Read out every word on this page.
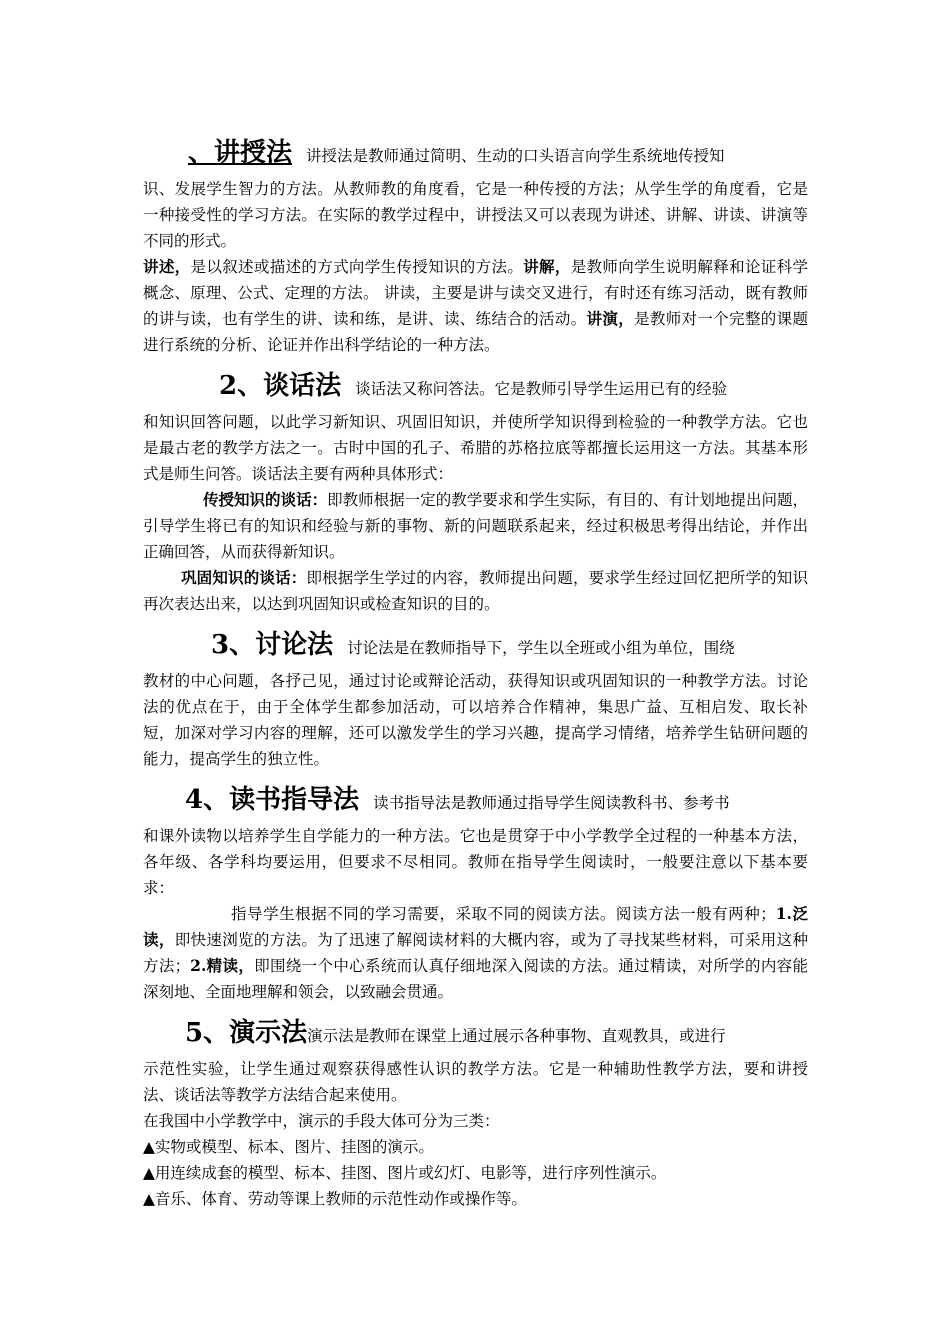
、讲授法 讲授法是教师通过简明、生动的口头语言向学生系统地传授知

识、发展学生智力的方法。从教师教的角度看，它是一种传授的方法；从学生学的角度看，它是一种接受性的学习方法。在实际的教学过程中，讲授法又可以表现为讲述、讲解、讲读、讲演等不同的形式。

讲述，是以叙述或描述的方式向学生传授知识的方法。讲解，是教师向学生说明解释和论证科学概念、原理、公式、定理的方法。 讲读，主要是讲与读交叉进行，有时还有练习活动，既有教师的讲与读，也有学生的讲、读和练，是讲、读、练结合的活动。讲演，是教师对一个完整的课题进行系统的分析、论证并作出科学结论的一种方法。

2、谈话法 谈话法又称问答法。它是教师引导学生运用已有的经验

和知识回答问题，以此学习新知识、巩固旧知识，并使所学知识得到检验的一种教学方法。它也是最古老的教学方法之一。古时中国的孔子、希腊的苏格拉底等都擅长运用这一方法。其基本形式是师生问答。谈话法主要有两种具体形式：

传授知识的谈话：即教师根据一定的教学要求和学生实际，有目的、有计划地提出问题，引导学生将已有的知识和经验与新的事物、新的问题联系起来，经过积极思考得出结论，并作出正确回答，从而获得新知识。

巩固知识的谈话：即根据学生学过的内容，教师提出问题，要求学生经过回忆把所学的知识再次表达出来，以达到巩固知识或检查知识的目的。

3、讨论法 讨论法是在教师指导下，学生以全班或小组为单位，围绕

教材的中心问题，各抒己见，通过讨论或辩论活动，获得知识或巩固知识的一种教学方法。讨论法的优点在于，由于全体学生都参加活动，可以培养合作精神，集思广益、互相启发、取长补短，加深对学习内容的理解，还可以激发学生的学习兴趣，提高学习情绪，培养学生钻研问题的能力，提高学生的独立性。

4、读书指导法 读书指导法是教师通过指导学生阅读教科书、参考书

和课外读物以培养学生自学能力的一种方法。它也是贯穿于中小学教学全过程的一种基本方法，各年级、各学科均要运用，但要求不尽相同。教师在指导学生阅读时，一般要注意以下基本要求：

指导学生根据不同的学习需要，采取不同的阅读方法。阅读方法一般有两种；1.泛读，即快速浏览的方法。为了迅速了解阅读材料的大概内容，或为了寻找某些材料，可采用这种方法；2.精读，即围绕一个中心系统而认真仔细地深入阅读的方法。通过精读，对所学的内容能深刻地、全面地理解和领会，以致融会贯通。

5、演示法演示法是教师在课堂上通过展示各种事物、直观教具，或进行

示范性实验，让学生通过观察获得感性认识的教学方法。它是一种辅助性教学方法，要和讲授法、谈话法等教学方法结合起来使用。

在我国中小学教学中，演示的手段大体可分为三类：

▲实物或模型、标本、图片、挂图的演示。

▲用连续成套的模型、标本、挂图、图片或幻灯、电影等，进行序列性演示。

▲音乐、体育、劳动等课上教师的示范性动作或操作等。
